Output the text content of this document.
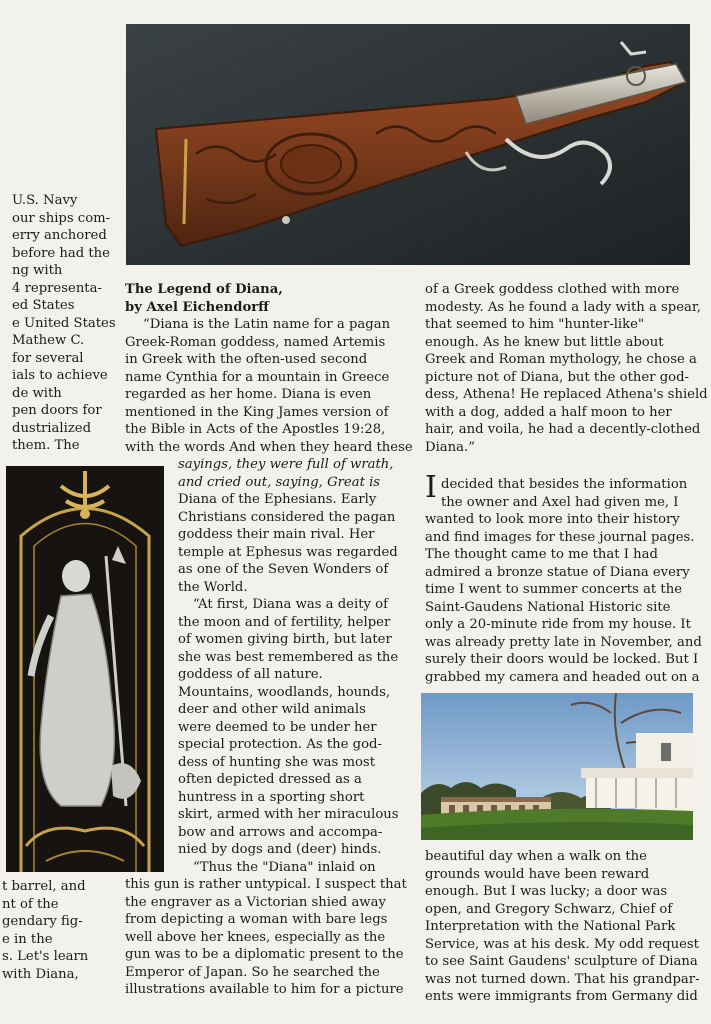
U.S. Navy
our ships com-
erry anchored
before had the
ng with
4 representa-
ed States
e United States
Mathew C.
for several
ials to achieve
de with
pen doors for
dustrialized
them. The
t barrel, and
nt of the
gendary fig-
e in the
s. Let's learn
with Diana,
The Legend of Diana,
by Axel Eichendorff
“Diana is the Latin name for a pagan
Greek-Roman goddess, named Artemis
in Greek with the often-used second
name Cynthia for a mountain in Greece
regarded as her home. Diana is even
mentioned in the King James version of
the Bible in Acts of the Apostles 19:28,
with the words And when they heard these
sayings, they were full of wrath,
and cried out, saying, Great is
Diana of the Ephesians. Early
Christians considered the pagan
goddess their main rival. Her
temple at Ephesus was regarded
as one of the Seven Wonders of
the World.
“At first, Diana was a deity of
the moon and of fertility, helper
of women giving birth, but later
she was best remembered as the
goddess of all nature.
Mountains, woodlands, hounds,
deer and other wild animals
were deemed to be under her
special protection. As the god-
dess of hunting she was most
often depicted dressed as a
huntress in a sporting short
skirt, armed with her miraculous
bow and arrows and accompa-
nied by dogs and (deer) hinds.
“Thus the "Diana" inlaid on
this gun is rather untypical. I suspect that
the engraver as a Victorian shied away
from depicting a woman with bare legs
well above her knees, especially as the
gun was to be a diplomatic present to the
Emperor of Japan. So he searched the
illustrations available to him for a picture
of a Greek goddess clothed with more
modesty. As he found a lady with a spear,
that seemed to him "hunter-like"
enough. As he knew but little about
Greek and Roman mythology, he chose a
picture not of Diana, but the other god-
dess, Athena! He replaced Athena's shield
with a dog, added a half moon to her
hair, and voila, he had a decently-clothed
Diana.”
I decided that besides the information
the owner and Axel had given me, I
wanted to look more into their history
and find images for these journal pages.
The thought came to me that I had
admired a bronze statue of Diana every
time I went to summer concerts at the
Saint-Gaudens National Historic site
only a 20-minute ride from my house. It
was already pretty late in November, and
surely their doors would be locked. But I
grabbed my camera and headed out on a
beautiful day when a walk on the
grounds would have been reward
enough. But I was lucky; a door was
open, and Gregory Schwarz, Chief of
Interpretation with the National Park
Service, was at his desk. My odd request
to see Saint Gaudens' sculpture of Diana
was not turned down. That his grandpar-
ents were immigrants from Germany did
